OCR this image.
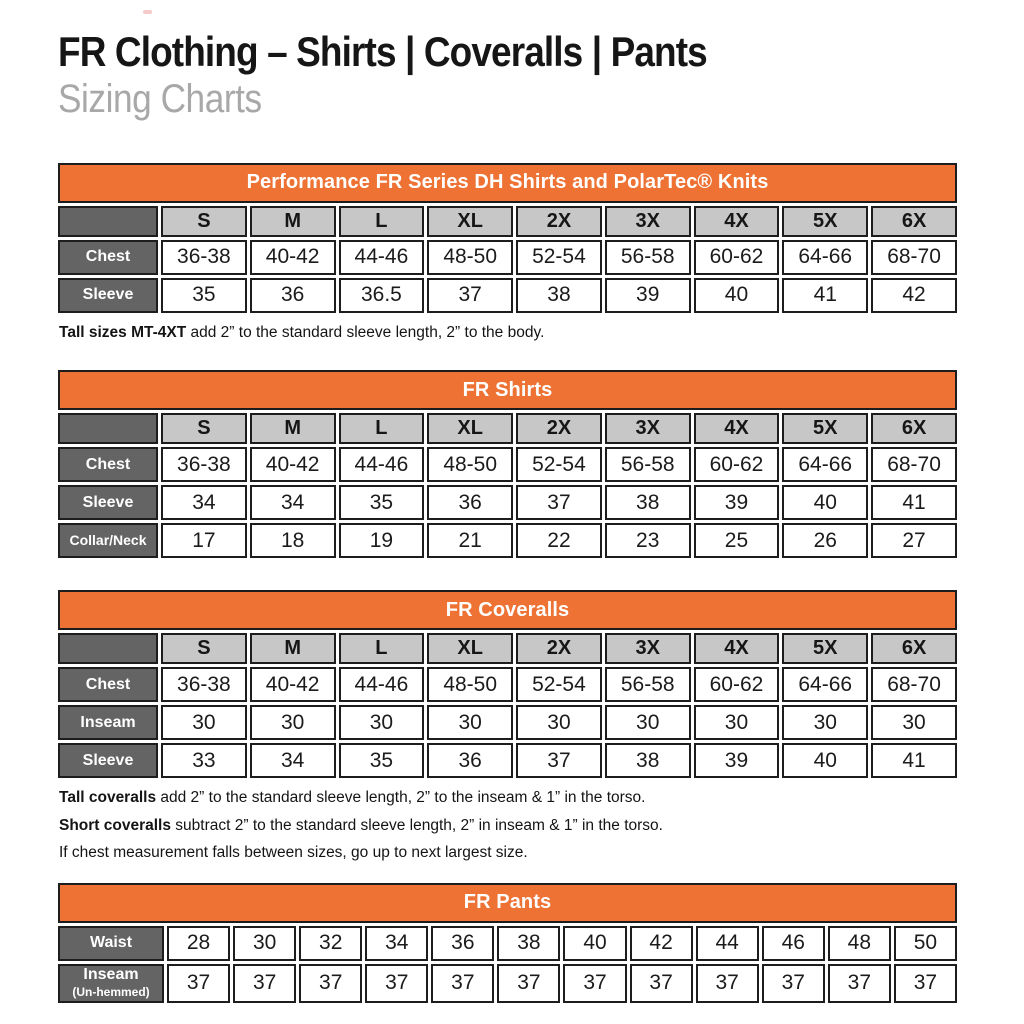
FR Clothing – Shirts | Coveralls | Pants
Sizing Charts
Performance FR Series DH Shirts and PolarTec® Knits									
	S	M	L	XL	2X	3X	4X	5X	6X
Chest	36-38	40-42	44-46	48-50	52-54	56-58	60-62	64-66	68-70
Sleeve	35	36	36.5	37	38	39	40	41	42

Tall sizes MT-4XT add 2” to the standard sleeve length, 2” to the body.

FR Shirts									
	S	M	L	XL	2X	3X	4X	5X	6X
Chest	36-38	40-42	44-46	48-50	52-54	56-58	60-62	64-66	68-70
Sleeve	34	34	35	36	37	38	39	40	41
Collar/Neck	17	18	19	21	22	23	25	26	27
FR Coveralls									
	S	M	L	XL	2X	3X	4X	5X	6X
Chest	36-38	40-42	44-46	48-50	52-54	56-58	60-62	64-66	68-70
Inseam	30	30	30	30	30	30	30	30	30
Sleeve	33	34	35	36	37	38	39	40	41

Tall coveralls add 2” to the standard sleeve length, 2” to the inseam & 1” in the torso.

Short coveralls subtract 2” to the standard sleeve length, 2” in inseam & 1” in the torso.

If chest measurement falls between sizes, go up to next largest size.

FR Pants												
Waist	28	30	32	34	36	38	40	42	44	46	48	50
Inseam
(Un-hemmed)	37	37	37	37	37	37	37	37	37	37	37	37
